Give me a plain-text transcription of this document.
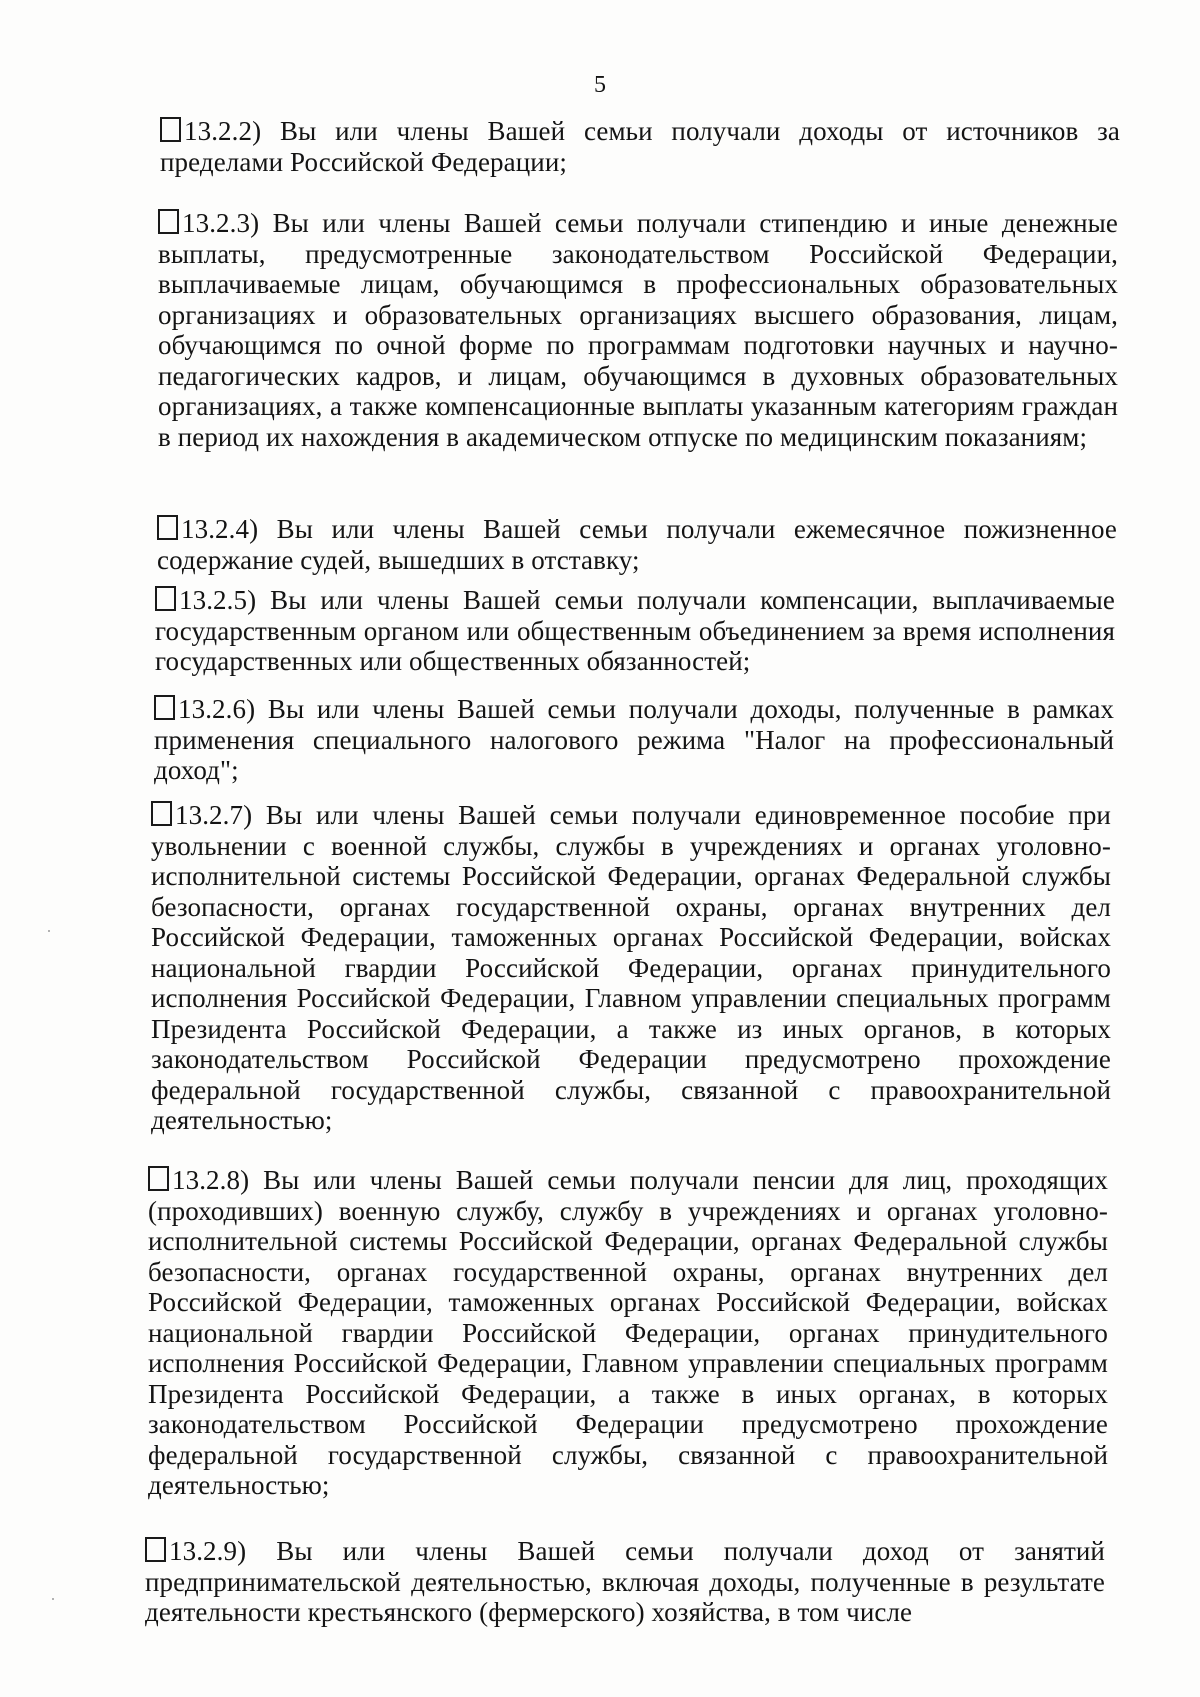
5

13.2.2) Вы или члены Вашей семьи получали доходы от источников за пределами Российской Федерации;

13.2.3) Вы или члены Вашей семьи получали стипендию и иные денежные выплаты, предусмотренные законодательством Российской Федерации, выплачиваемые лицам, обучающимся в профессиональных образовательных организациях и образовательных организациях высшего образования, лицам, обучающимся по очной форме по программам подготовки научных и научно-педагогических кадров, и лицам, обучающимся в духовных образовательных организациях, а также компенсационные выплаты указанным категориям граждан в период их нахождения в академическом отпуске по медицинским показаниям;

13.2.4) Вы или члены Вашей семьи получали ежемесячное пожизненное содержание судей, вышедших в отставку;

13.2.5) Вы или члены Вашей семьи получали компенсации, выплачиваемые государственным органом или общественным объединением за время исполнения государственных или общественных обязанностей;

13.2.6) Вы или члены Вашей семьи получали доходы, полученные в рамках применения специального налогового режима "Налог на профессиональный доход";

13.2.7) Вы или члены Вашей семьи получали единовременное пособие при увольнении с военной службы, службы в учреждениях и органах уголовно-исполнительной системы Российской Федерации, органах Федеральной службы безопасности, органах государственной охраны, органах внутренних дел Российской Федерации, таможенных органах Российской Федерации, войсках национальной гвардии Российской Федерации, органах принудительного исполнения Российской Федерации, Главном управлении специальных программ Президента Российской Федерации, а также из иных органов, в которых законодательством Российской Федерации предусмотрено прохождение федеральной государственной службы, связанной с правоохранительной деятельностью;

13.2.8) Вы или члены Вашей семьи получали пенсии для лиц, проходящих (проходивших) военную службу, службу в учреждениях и органах уголовно-исполнительной системы Российской Федерации, органах Федеральной службы безопасности, органах государственной охраны, органах внутренних дел Российской Федерации, таможенных органах Российской Федерации, войсках национальной гвардии Российской Федерации, органах принудительного исполнения Российской Федерации, Главном управлении специальных программ Президента Российской Федерации, а также в иных органах, в которых законодательством Российской Федерации предусмотрено прохождение федеральной государственной службы, связанной с правоохранительной деятельностью;

13.2.9) Вы или члены Вашей семьи получали доход от занятий предпринимательской деятельностью, включая доходы, полученные в результате деятельности крестьянского (фермерского) хозяйства, в том числе
